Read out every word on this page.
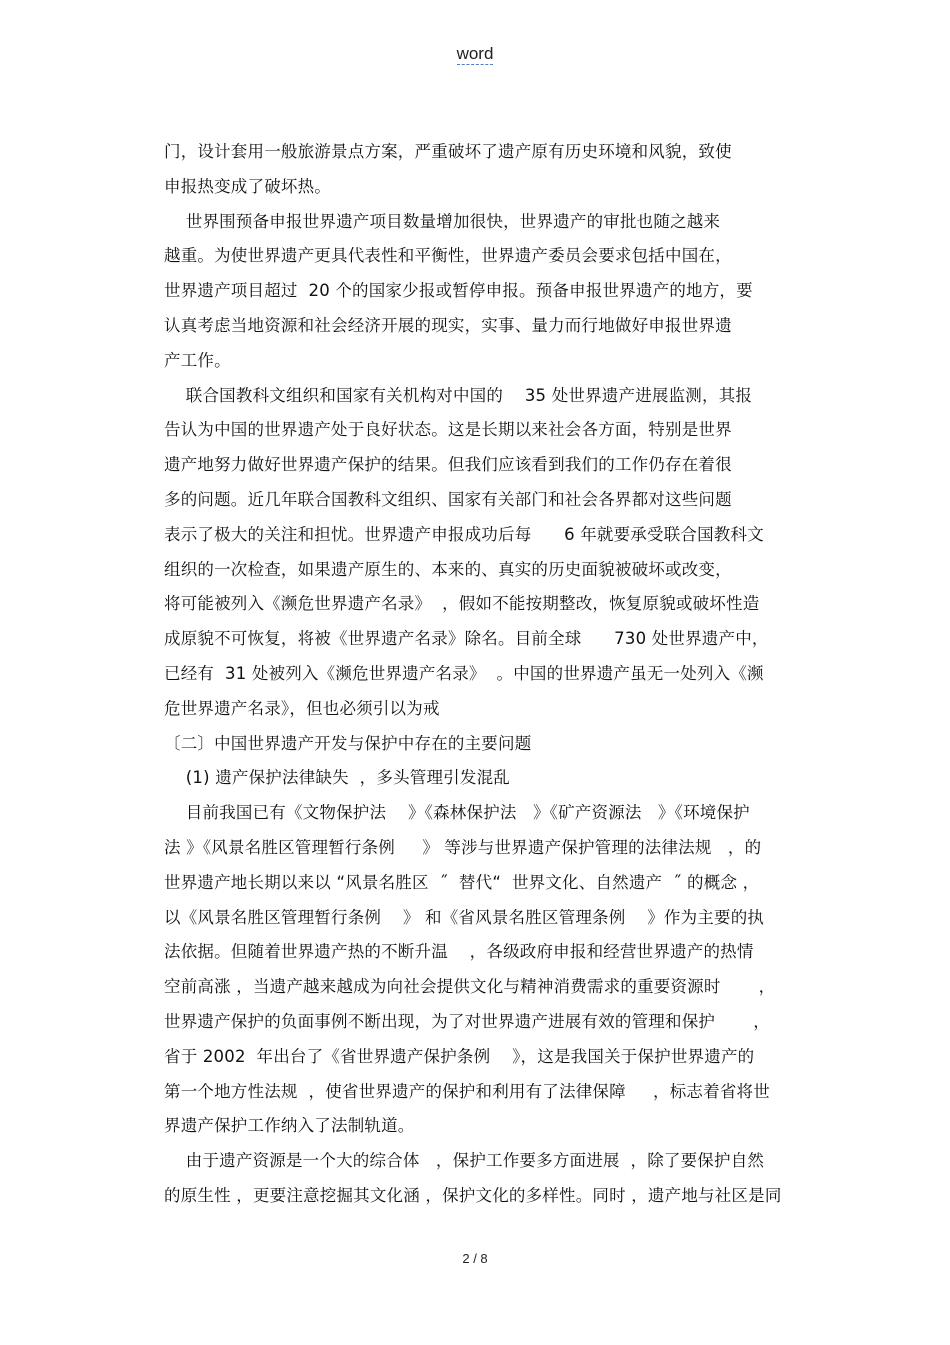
word
门，设计套用一般旅游景点方案，严重破坏了遗产原有历史环境和风貌，致使
申报热变成了破坏热。
世界围预备申报世界遗产项目数量增加很快，世界遗产的审批也随之越来
越重。为使世界遗产更具代表性和平衡性，世界遗产委员会要求包括中国在，
世界遗产项目超过  20 个的国家少报或暂停申报。预备申报世界遗产的地方，要
认真考虑当地资源和社会经济开展的现实，实事、量力而行地做好申报世界遗
产工作。
联合国教科文组织和国家有关机构对中国的    35 处世界遗产进展监测，其报
告认为中国的世界遗产处于良好状态。这是长期以来社会各方面，特别是世界
遗产地努力做好世界遗产保护的结果。但我们应该看到我们的工作仍存在着很
多的问题。近几年联合国教科文组织、国家有关部门和社会各界都对这些问题
表示了极大的关注和担忧。世界遗产申报成功后每      6 年就要承受联合国教科文
组织的一次检查，如果遗产原生的、本来的、真实的历史面貌被破坏或改变，
将可能被列入《濒危世界遗产名录》  ，假如不能按期整改，恢复原貌或破坏性造
成原貌不可恢复，将被《世界遗产名录》除名。目前全球      730 处世界遗产中，
已经有  31 处被列入《濒危世界遗产名录》  。中国的世界遗产虽无一处列入《濒
危世界遗产名录》，但也必须引以为戒
〔二〕中国世界遗产开发与保护中存在的主要问题
(1) 遗产保护法律缺失  ，多头管理引发混乱
目前我国已有《文物保护法    》《森林保护法   》《矿产资源法   》《环境保护
法 》《风景名胜区管理暂行条例     》 等涉与世界遗产保护管理的法律法规   ，的
世界遗产地长期以来以 “风景名胜区  ˝  替代“  世界文化、自然遗产  ˝ 的概念 ，
以《风景名胜区管理暂行条例    》 和《省风景名胜区管理条例    》作为主要的执
法依据。但随着世界遗产热的不断升温    ，各级政府申报和经营世界遗产的热情
空前高涨 ，当遗产越来越成为向社会提供文化与精神消费需求的重要资源时       ，
世界遗产保护的负面事例不断出现，为了对世界遗产进展有效的管理和保护       ，
省于 2002  年出台了《省世界遗产保护条例    》，这是我国关于保护世界遗产的
第一个地方性法规  ，使省世界遗产的保护和利用有了法律保障     ，标志着省将世
界遗产保护工作纳入了法制轨道。
由于遗产资源是一个大的综合体   ，保护工作要多方面进展  ，除了要保护自然
的原生性 ，更要注意挖掘其文化涵 ，保护文化的多样性。同时 ，遗产地与社区是同
2 / 8
